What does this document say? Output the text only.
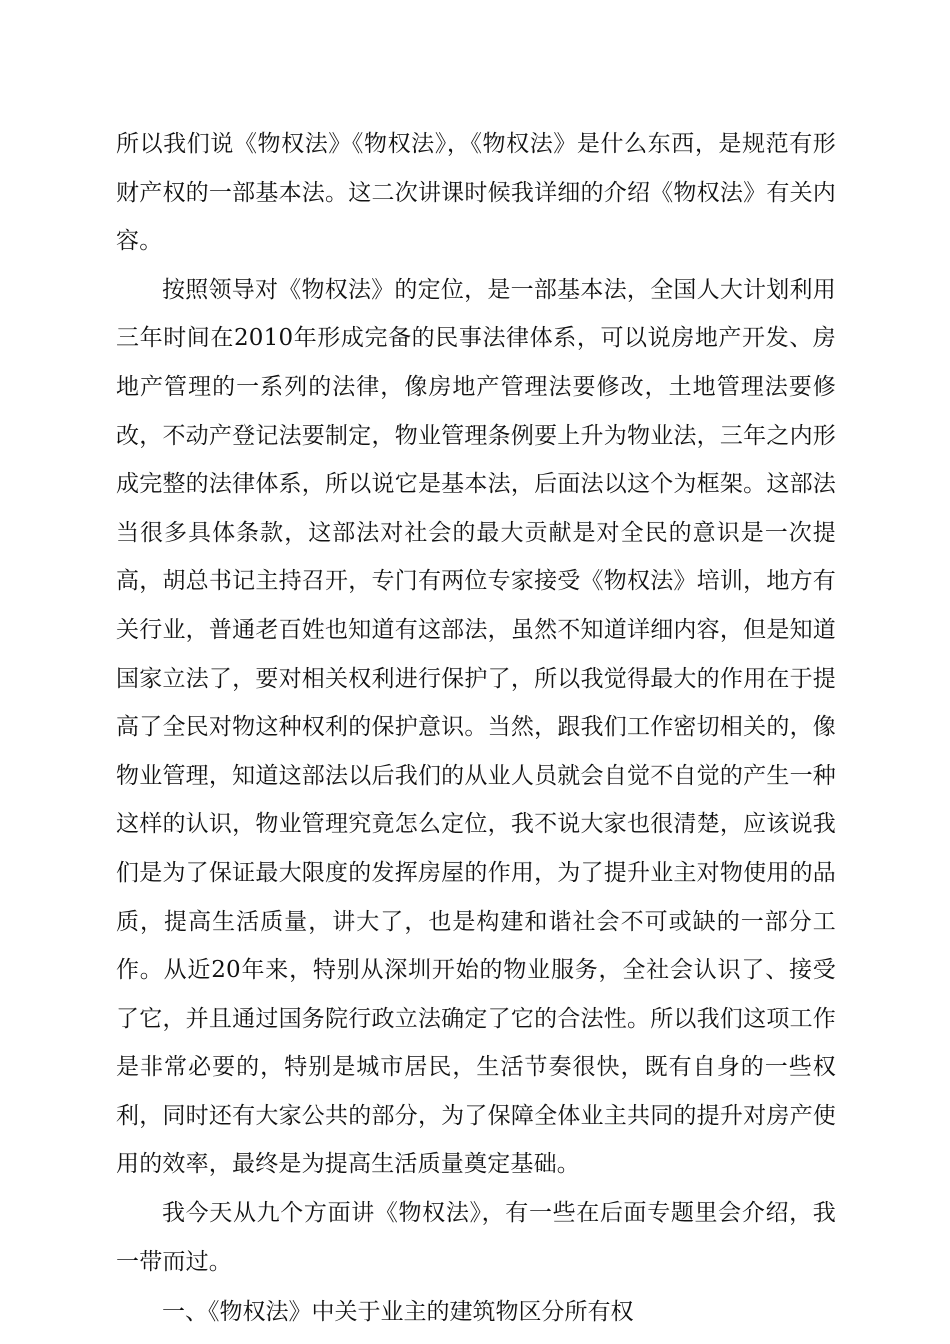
所以我们说《物权法》《物权法》，《物权法》是什么东西，是规范有形财产权的一部基本法。这二次讲课时候我详细的介绍《物权法》有关内容。

按照领导对《物权法》的定位，是一部基本法，全国人大计划利用三年时间在2010年形成完备的民事法律体系，可以说房地产开发、房地产管理的一系列的法律，像房地产管理法要修改，土地管理法要修改，不动产登记法要制定，物业管理条例要上升为物业法，三年之内形成完整的法律体系，所以说它是基本法，后面法以这个为框架。这部法当很多具体条款，这部法对社会的最大贡献是对全民的意识是一次提高，胡总书记主持召开，专门有两位专家接受《物权法》培训，地方有关行业，普通老百姓也知道有这部法，虽然不知道详细内容，但是知道国家立法了，要对相关权利进行保护了，所以我觉得最大的作用在于提高了全民对物这种权利的保护意识。当然，跟我们工作密切相关的，像物业管理，知道这部法以后我们的从业人员就会自觉不自觉的产生一种这样的认识，物业管理究竟怎么定位，我不说大家也很清楚，应该说我们是为了保证最大限度的发挥房屋的作用，为了提升业主对物使用的品质，提高生活质量，讲大了，也是构建和谐社会不可或缺的一部分工作。从近20年来，特别从深圳开始的物业服务，全社会认识了、接受了它，并且通过国务院行政立法确定了它的合法性。所以我们这项工作是非常必要的，特别是城市居民，生活节奏很快，既有自身的一些权利，同时还有大家公共的部分，为了保障全体业主共同的提升对房产使用的效率，最终是为提高生活质量奠定基础。

我今天从九个方面讲《物权法》，有一些在后面专题里会介绍，我一带而过。

一、《物权法》中关于业主的建筑物区分所有权
